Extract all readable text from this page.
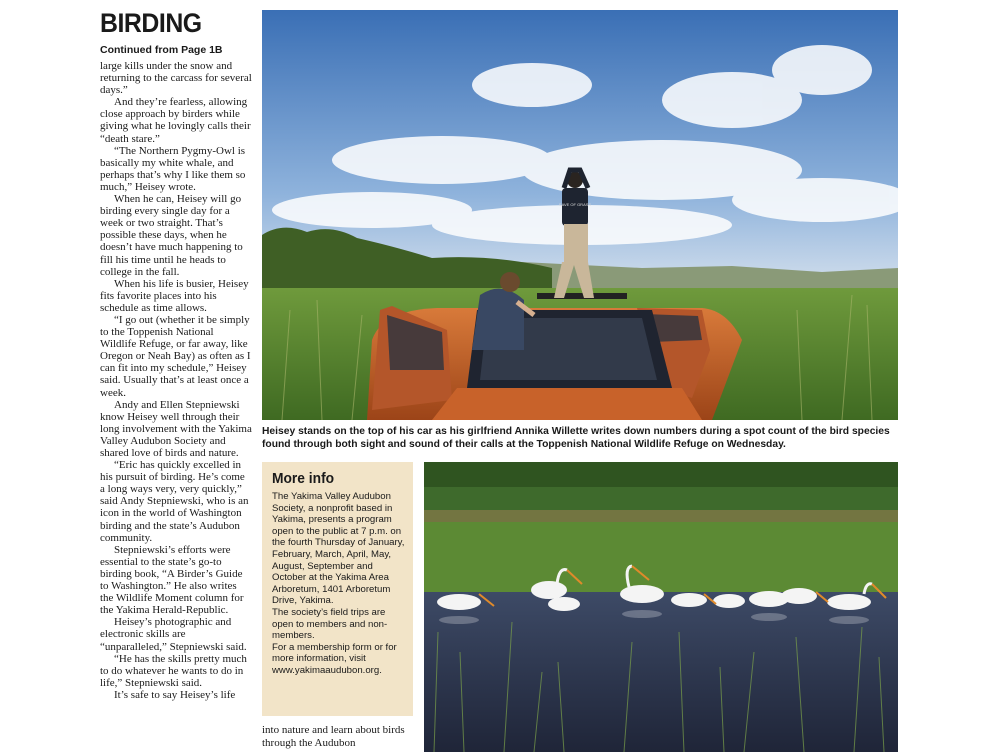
BIRDING
Continued from Page 1B

large kills under the snow and returning to the carcass for several days.”

And they’re fearless, allowing close approach by birders while giving what he lovingly calls their “death stare.”

“The Northern Pygmy-Owl is basically my white whale, and perhaps that’s why I like them so much,” Heisey wrote.

When he can, Heisey will go birding every single day for a week or two straight. That’s possible these days, when he doesn’t have much happening to fill his time until he heads to college in the fall.

When his life is busier, Heisey fits favorite places into his schedule as time allows.

“I go out (whether it be simply to the Toppenish National Wildlife Refuge, or far away, like Oregon or Neah Bay) as often as I can fit into my schedule,” Heisey said. Usually that’s at least once a week.

Andy and Ellen Stepniewski know Heisey well through their long involvement with the Yakima Valley Audubon Society and shared love of birds and nature.

“Eric has quickly excelled in his pursuit of birding. He’s come a long ways very, very quickly,” said Andy Stepniewski, who is an icon in the world of Washington birding and the state’s Audubon community.

Stepniewski’s efforts were essential to the state’s go-to birding book, “A Birder’s Guide to Washington.” He also writes the Wildlife Moment column for the Yakima Herald-Republic.

Heisey’s photographic and electronic skills are “unparalleled,” Stepniewski said.

“He has the skills pretty much to do whatever he wants to do in life,” Stepniewski said.

It’s safe to say Heisey’s life

SAVE OF GRASS
Heisey stands on the top of his car as his girlfriend Annika Willette writes down numbers during a spot count of the bird species found through both sight and sound of their calls at the Toppenish National Wildlife Refuge on Wednesday.
More info

The Yakima Valley Audubon Society, a nonprofit based in Yakima, presents a program open to the public at 7 p.m. on the fourth Thursday of January, February, March, April, May, August, September and October at the Yakima Area Arboretum, 1401 Arboretum Drive, Yakima.

The society’s field trips are open to members and non-members.

For a membership form or for more information, visit www.yakimaaudubon.org.

into nature and learn about birds through the Audubon
